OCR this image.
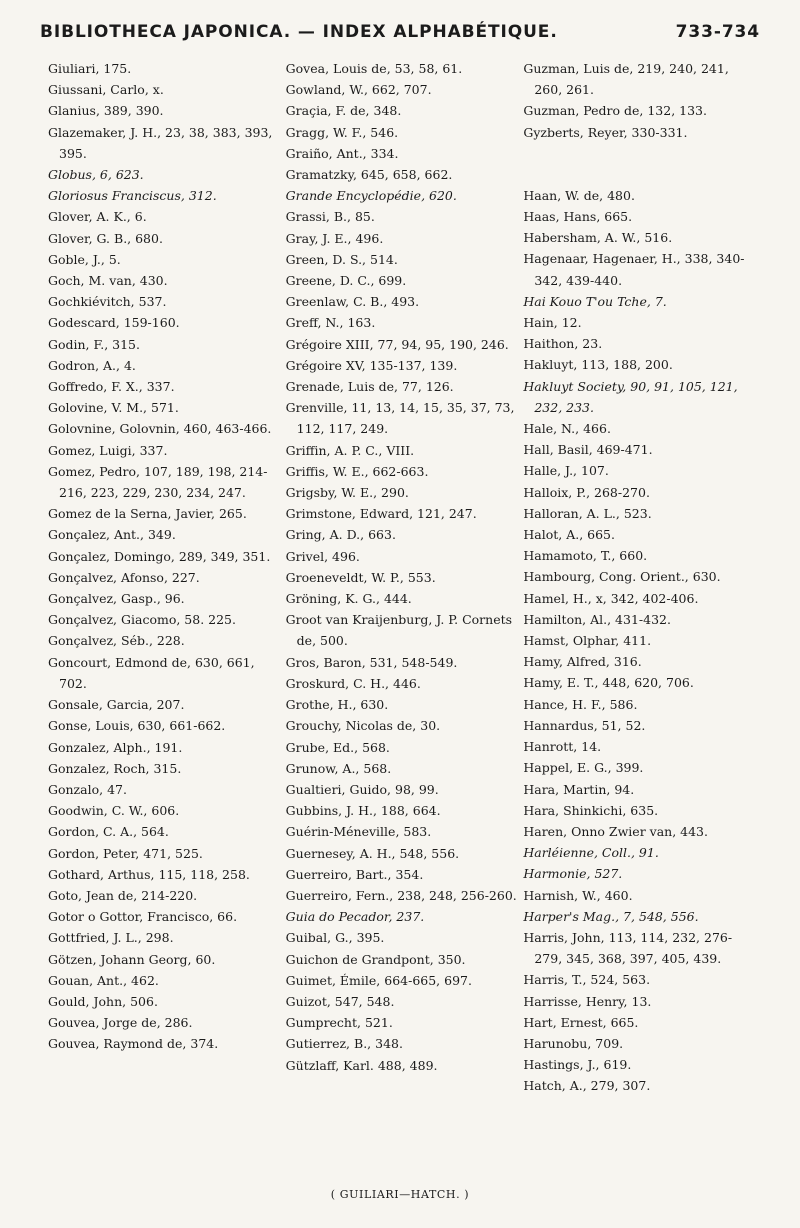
BIBLIOTHECA JAPONICA. — INDEX ALPHABÉTIQUE.	733-734

Giuliari, 175.

Giussani, Carlo, x.

Glanius, 389, 390.

Glazemaker, J. H., 23, 38, 383, 393, 395.

Globus, 6, 623.

Gloriosus Franciscus, 312.

Glover, A. K., 6.

Glover, G. B., 680.

Goble, J., 5.

Goch, M. van, 430.

Gochkiévitch, 537.

Godescard, 159-160.

Godin, F., 315.

Godron, A., 4.

Goffredo, F. X., 337.

Golovine, V. M., 571.

Golovnine, Golovnin, 460, 463-466.

Gomez, Luigi, 337.

Gomez, Pedro, 107, 189, 198, 214-216, 223, 229, 230, 234, 247.

Gomez de la Serna, Javier, 265.

Gonçalez, Ant., 349.

Gonçalez, Domingo, 289, 349, 351.

Gonçalvez, Afonso, 227.

Gonçalvez, Gasp., 96.

Gonçalvez, Giacomo, 58. 225.

Gonçalvez, Séb., 228.

Goncourt, Edmond de, 630, 661, 702.

Gonsale, Garcia, 207.

Gonse, Louis, 630, 661-662.

Gonzalez, Alph., 191.

Gonzalez, Roch, 315.

Gonzalo, 47.

Goodwin, C. W., 606.

Gordon, C. A., 564.

Gordon, Peter, 471, 525.

Gothard, Arthus, 115, 118, 258.

Goto, Jean de, 214-220.

Gotor o Gottor, Francisco, 66.

Gottfried, J. L., 298.

Götzen, Johann Georg, 60.

Gouan, Ant., 462.

Gould, John, 506.

Gouvea, Jorge de, 286.

Gouvea, Raymond de, 374.

Govea, Louis de, 53, 58, 61.

Gowland, W., 662, 707.

Graçia, F. de, 348.

Gragg, W. F., 546.

Graiño, Ant., 334.

Gramatzky, 645, 658, 662.

Grande Encyclopédie, 620.

Grassi, B., 85.

Gray, J. E., 496.

Green, D. S., 514.

Greene, D. C., 699.

Greenlaw, C. B., 493.

Greff, N., 163.

Grégoire XIII, 77, 94, 95, 190, 246.

Grégoire XV, 135-137, 139.

Grenade, Luis de, 77, 126.

Grenville, 11, 13, 14, 15, 35, 37, 73, 112, 117, 249.

Griffin, A. P. C., VIII.

Griffis, W. E., 662-663.

Grigsby, W. E., 290.

Grimstone, Edward, 121, 247.

Gring, A. D., 663.

Grivel, 496.

Groeneveldt, W. P., 553.

Gröning, K. G., 444.

Groot van Kraijenburg, J. P. Cornets de, 500.

Gros, Baron, 531, 548-549.

Groskurd, C. H., 446.

Grothe, H., 630.

Grouchy, Nicolas de, 30.

Grube, Ed., 568.

Grunow, A., 568.

Gualtieri, Guido, 98, 99.

Gubbins, J. H., 188, 664.

Guérin-Méneville, 583.

Guernesey, A. H., 548, 556.

Guerreiro, Bart., 354.

Guerreiro, Fern., 238, 248, 256-260.

Guia do Pecador, 237.

Guibal, G., 395.

Guichon de Grandpont, 350.

Guimet, Émile, 664-665, 697.

Guizot, 547, 548.

Gumprecht, 521.

Gutierrez, B., 348.

Gützlaff, Karl. 488, 489.

Guzman, Luis de, 219, 240, 241, 260, 261.

Guzman, Pedro de, 132, 133.

Gyzberts, Reyer, 330-331.

Haan, W. de, 480.

Haas, Hans, 665.

Habersham, A. W., 516.

Hagenaar, Hagenaer, H., 338, 340-342, 439-440.

Hai Kouo T'ou Tche, 7.

Hain, 12.

Haithon, 23.

Hakluyt, 113, 188, 200.

Hakluyt Society, 90, 91, 105, 121, 232, 233.

Hale, N., 466.

Hall, Basil, 469-471.

Halle, J., 107.

Halloix, P., 268-270.

Halloran, A. L., 523.

Halot, A., 665.

Hamamoto, T., 660.

Hambourg, Cong. Orient., 630.

Hamel, H., x, 342, 402-406.

Hamilton, Al., 431-432.

Hamst, Olphar, 411.

Hamy, Alfred, 316.

Hamy, E. T., 448, 620, 706.

Hance, H. F., 586.

Hannardus, 51, 52.

Hanrott, 14.

Happel, E. G., 399.

Hara, Martin, 94.

Hara, Shinkichi, 635.

Haren, Onno Zwier van, 443.

Harléienne, Coll., 91.

Harmonie, 527.

Harnish, W., 460.

Harper's Mag., 7, 548, 556.

Harris, John, 113, 114, 232, 276-279, 345, 368, 397, 405, 439.

Harris, T., 524, 563.

Harrisse, Henry, 13.

Hart, Ernest, 665.

Harunobu, 709.

Hastings, J., 619.

Hatch, A., 279, 307.

( GUILIARI—HATCH. )
